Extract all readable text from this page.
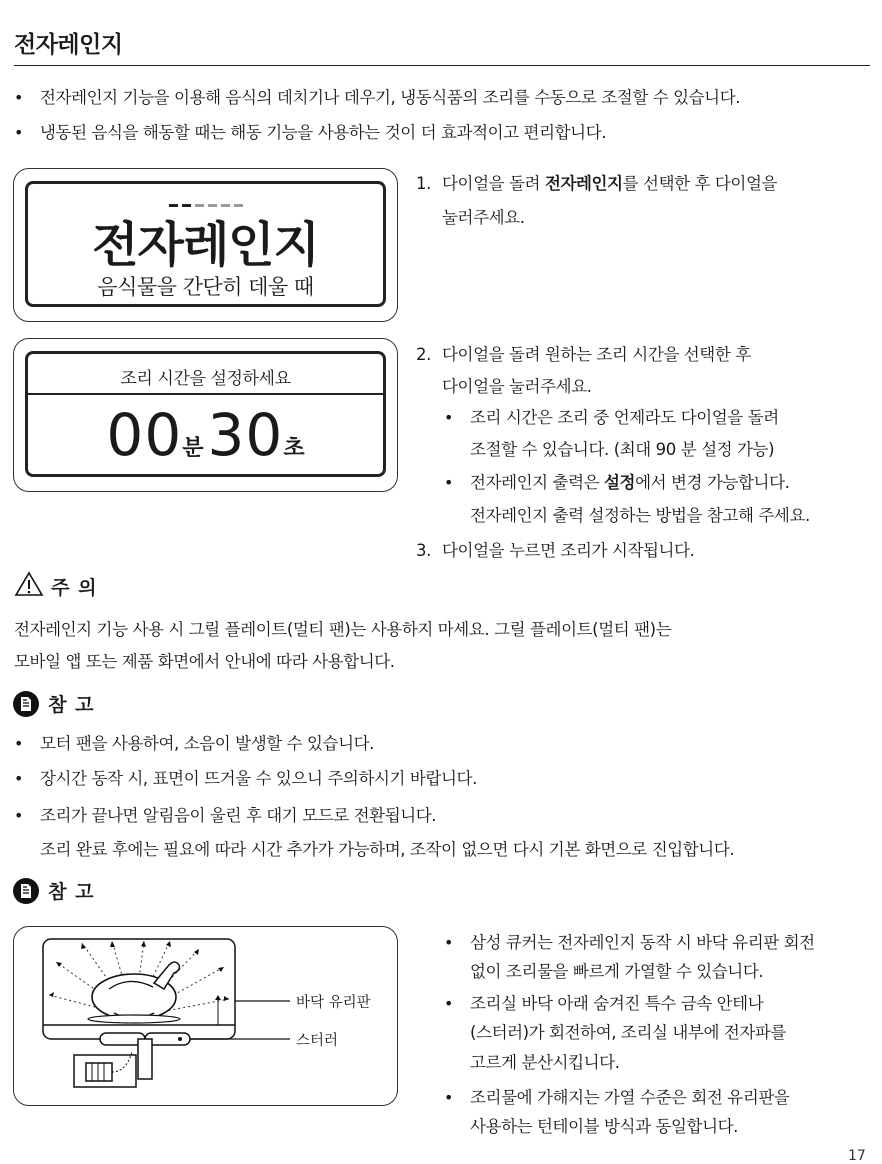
전자레인지
• 전자레인지 기능을 이용해 음식의 데치기나 데우기, 냉동식품의 조리를 수동으로 조절할 수 있습니다.
• 냉동된 음식을 해동할 때는 해동 기능을 사용하는 것이 더 효과적이고 편리합니다.
전자레인지
음식물을 간단히 데울 때
조리 시간을 설정하세요
00분30초
1. 다이얼을 돌려 전자레인지를 선택한 후 다이얼을
눌러주세요.
2. 다이얼을 돌려 원하는 조리 시간을 선택한 후
다이얼을 눌러주세요.
• 조리 시간은 조리 중 언제라도 다이얼을 돌려
조절할 수 있습니다. (최대 90 분 설정 가능)
• 전자레인지 출력은 설정에서 변경 가능합니다.
전자레인지 출력 설정하는 방법을 참고해 주세요.
3. 다이얼을 누르면 조리가 시작됩니다.
주 의
전자레인지 기능 사용 시 그릴 플레이트(멀티 팬)는 사용하지 마세요. 그릴 플레이트(멀티 팬)는
모바일 앱 또는 제품 화면에서 안내에 따라 사용합니다.
참 고
• 모터 팬을 사용하여, 소음이 발생할 수 있습니다.
• 장시간 동작 시, 표면이 뜨거울 수 있으니 주의하시기 바랍니다.
• 조리가 끝나면 알림음이 울린 후 대기 모드로 전환됩니다.
조리 완료 후에는 필요에 따라 시간 추가가 가능하며, 조작이 없으면 다시 기본 화면으로 진입합니다.
참 고
바닥 유리판
스터러
• 삼성 큐커는 전자레인지 동작 시 바닥 유리판 회전
없이 조리물을 빠르게 가열할 수 있습니다.
• 조리실 바닥 아래 숨겨진 특수 금속 안테나
(스터러)가 회전하여, 조리실 내부에 전자파를
고르게 분산시킵니다.
• 조리물에 가해지는 가열 수준은 회전 유리판을
사용하는 턴테이블 방식과 동일합니다.
17
